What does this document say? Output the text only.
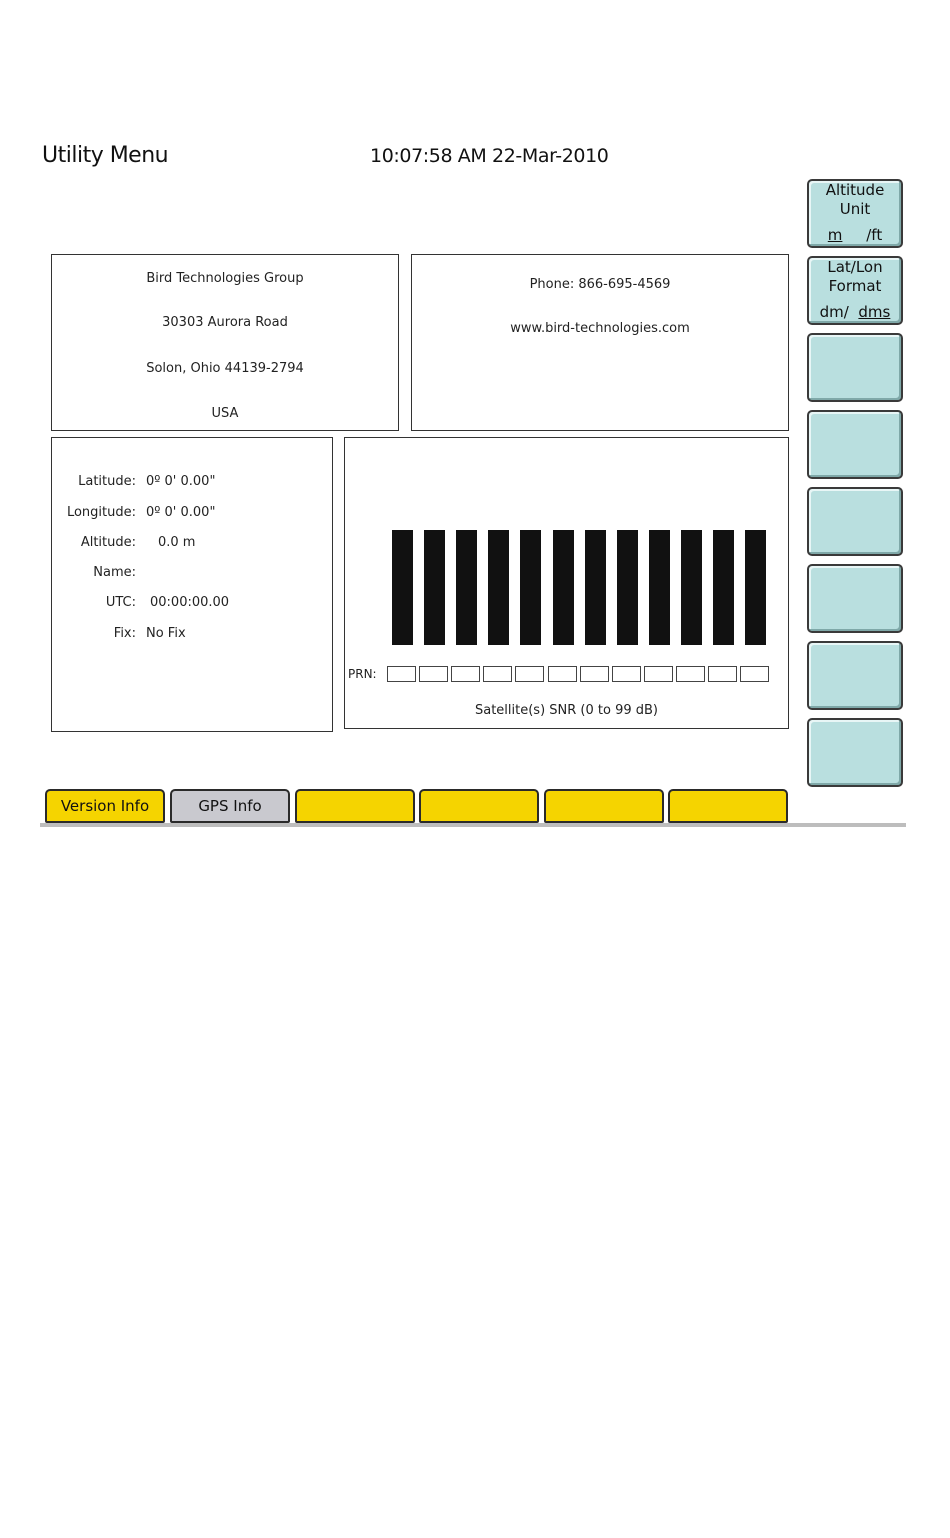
Utility Menu	10:07:58 AM 22-Mar-2010
Bird Technologies Group
30303 Aurora Road
Solon, Ohio 44139-2794
USA
Phone: 866-695-4569
www.bird-technologies.com
Latitude: 0º 0' 0.00"
Longitude: 0º 0' 0.00"
Altitude: 0.0 m
Name:
UTC: 00:00:00.00
Fix: No Fix
PRN:
Satellite(s) SNR (0 to 99 dB)
Altitude
Unit
m /ft
Lat/Lon
Format
dm/ dms
Version Info	GPS Info
